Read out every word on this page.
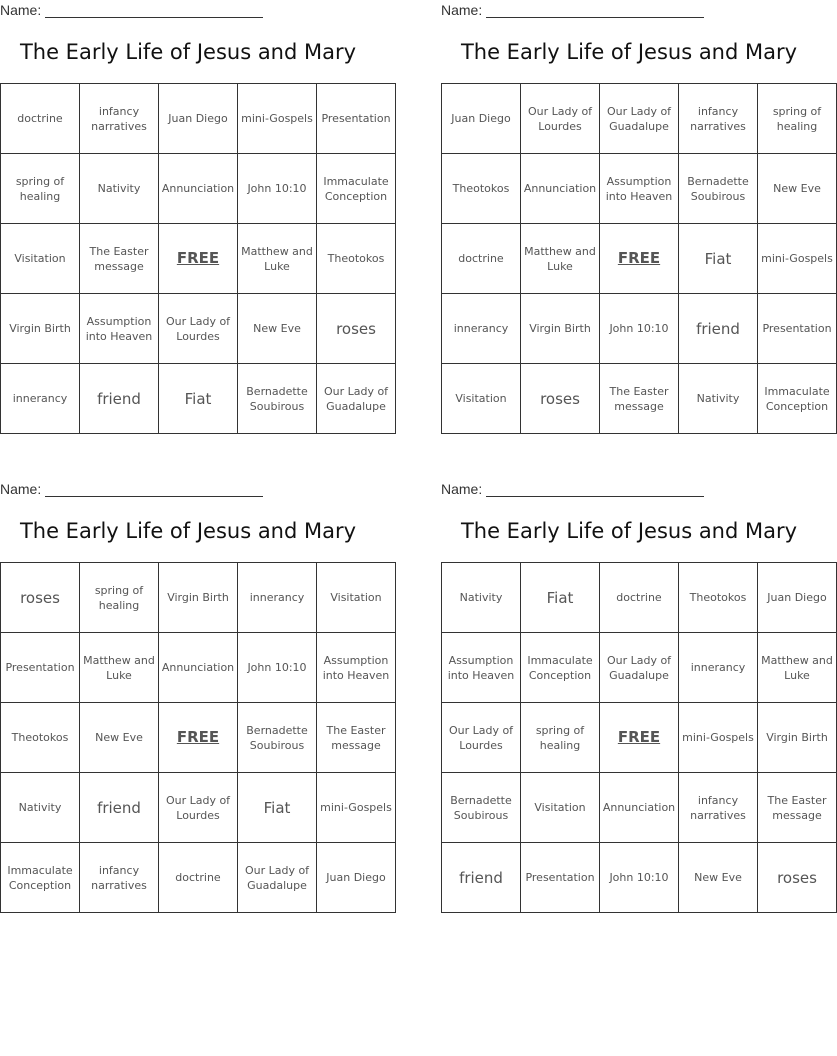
Name:
The Early Life of Jesus and Mary
doctrine	infancy narratives	Juan Diego	mini-Gospels	Presentation
spring of healing	Nativity	Annunciation	John 10:10	Immaculate Conception
Visitation	The Easter message	FREE	Matthew and Luke	Theotokos
Virgin Birth	Assumption into Heaven	Our Lady of Lourdes	New Eve	roses
innerancy	friend	Fiat	Bernadette Soubirous	Our Lady of Guadalupe
Name:
The Early Life of Jesus and Mary
Juan Diego	Our Lady of Lourdes	Our Lady of Guadalupe	infancy narratives	spring of healing
Theotokos	Annunciation	Assumption into Heaven	Bernadette Soubirous	New Eve
doctrine	Matthew and Luke	FREE	Fiat	mini-Gospels
innerancy	Virgin Birth	John 10:10	friend	Presentation
Visitation	roses	The Easter message	Nativity	Immaculate Conception
Name:
The Early Life of Jesus and Mary
roses	spring of healing	Virgin Birth	innerancy	Visitation
Presentation	Matthew and Luke	Annunciation	John 10:10	Assumption into Heaven
Theotokos	New Eve	FREE	Bernadette Soubirous	The Easter message
Nativity	friend	Our Lady of Lourdes	Fiat	mini-Gospels
Immaculate Conception	infancy narratives	doctrine	Our Lady of Guadalupe	Juan Diego
Name:
The Early Life of Jesus and Mary
Nativity	Fiat	doctrine	Theotokos	Juan Diego
Assumption into Heaven	Immaculate Conception	Our Lady of Guadalupe	innerancy	Matthew and Luke
Our Lady of Lourdes	spring of healing	FREE	mini-Gospels	Virgin Birth
Bernadette Soubirous	Visitation	Annunciation	infancy narratives	The Easter message
friend	Presentation	John 10:10	New Eve	roses
